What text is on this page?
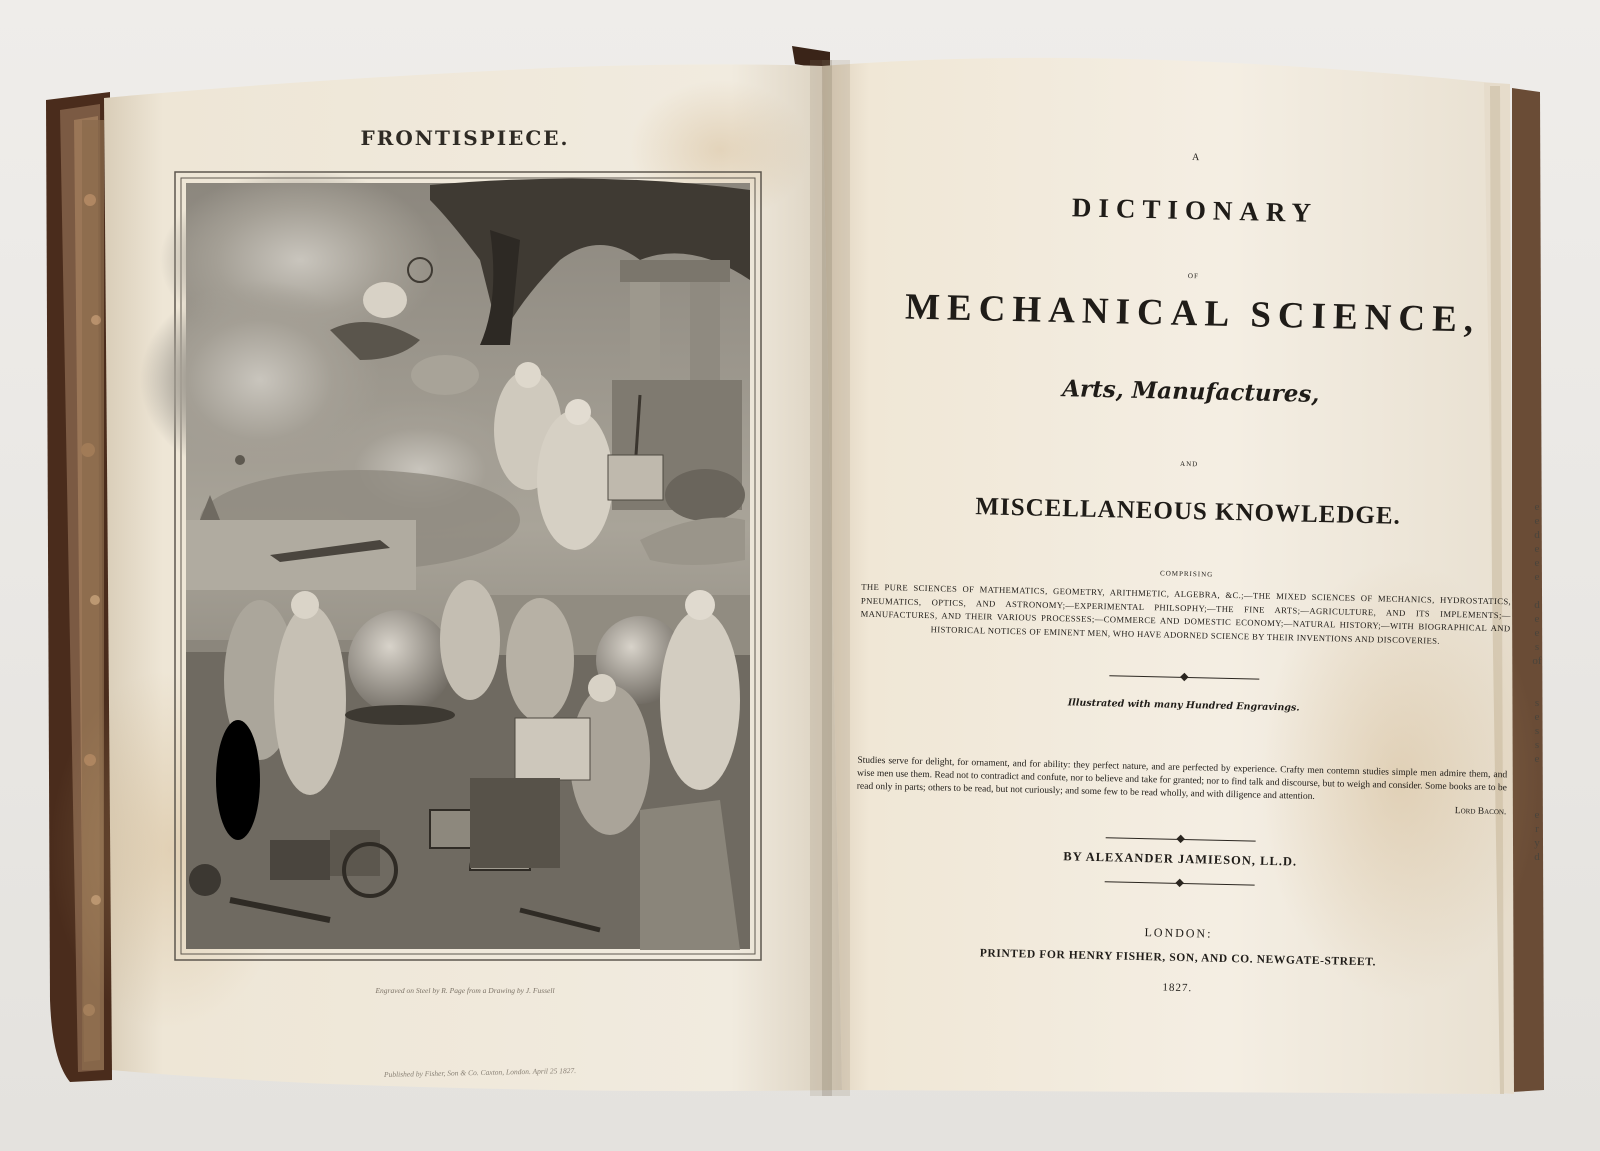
FRONTISPIECE.
Engraved on Steel by R. Page from a Drawing by J. Fussell
Published by Fisher, Son & Co. Caxton, London. April 25 1827.
A
DICTIONARY
OF
MECHANICAL SCIENCE,
Arts, Manufactures,
AND
MISCELLANEOUS KNOWLEDGE.
COMPRISING
THE PURE SCIENCES OF MATHEMATICS, GEOMETRY, ARITHMETIC, ALGEBRA, &C.;—THE MIXED SCIENCES OF MECHANICS, HYDROSTATICS, PNEUMATICS, OPTICS, AND ASTRONOMY;—EXPERIMENTAL PHILSOPHY;—THE FINE ARTS;—AGRICULTURE, AND ITS IMPLEMENTS;—MANUFACTURES, AND THEIR VARIOUS PROCESSES;—COMMERCE AND DOMESTIC ECONOMY;—NATURAL HISTORY;—WITH BIOGRAPHICAL AND HISTORICAL NOTICES OF EMINENT MEN, WHO HAVE ADORNED SCIENCE BY THEIR INVENTIONS AND DISCOVERIES.
Illustrated with many Hundred Engravings.
Studies serve for delight, for ornament, and for ability: they perfect nature, and are perfected by experience. Crafty men contemn studies simple men admire them, and wise men use them. Read not to contradict and confute, nor to believe and take for granted; nor to find talk and discourse, but to weigh and consider. Some books are to be read only in parts; others to be read, but not curiously; and some few to be read wholly, and with diligence and attention.
Lord Bacon.
BY ALEXANDER JAMIESON, LL.D.
LONDON:
PRINTED FOR HENRY FISHER, SON, AND CO. NEWGATE-STREET.
1827.
e
e
d
e
e
e

d
e
e
s
of

s
e
s
s
e

e
r
y
d
